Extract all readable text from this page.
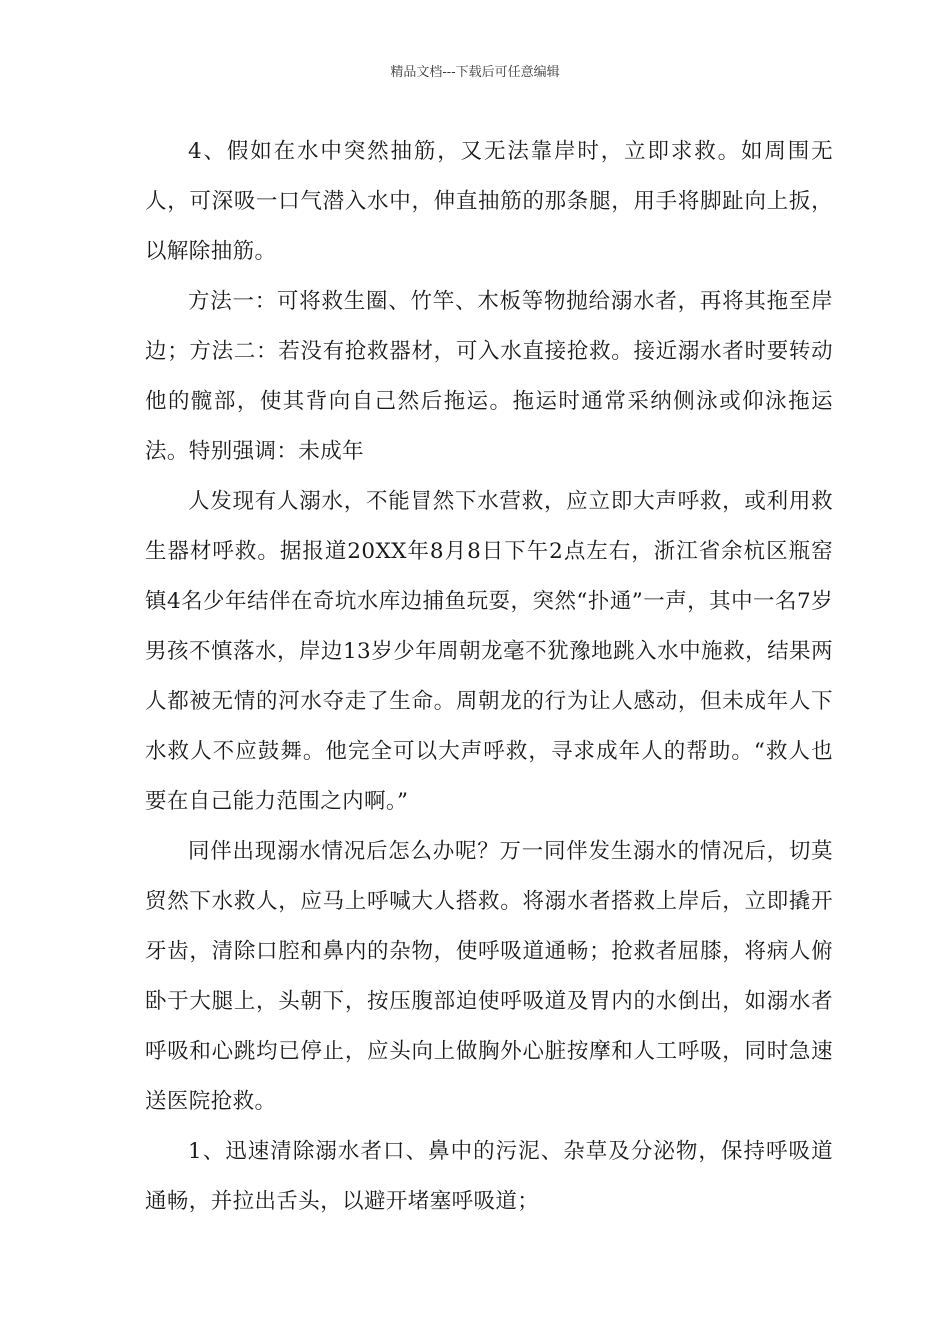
精品文档---下载后可任意编辑

4、假如在水中突然抽筋，又无法靠岸时，立即求救。如周围无人，可深吸一口气潜入水中，伸直抽筋的那条腿，用手将脚趾向上扳，以解除抽筋。

方法一：可将救生圈、竹竿、木板等物抛给溺水者，再将其拖至岸边；方法二：若没有抢救器材，可入水直接抢救。接近溺水者时要转动他的髋部，使其背向自己然后拖运。拖运时通常采纳侧泳或仰泳拖运法。特别强调：未成年

人发现有人溺水，不能冒然下水营救，应立即大声呼救，或利用救生器材呼救。据报道20XX年8月8日下午2点左右，浙江省余杭区瓶窑镇4名少年结伴在奇坑水库边捕鱼玩耍，突然“扑通”一声，其中一名7岁男孩不慎落水，岸边13岁少年周朝龙毫不犹豫地跳入水中施救，结果两人都被无情的河水夺走了生命。周朝龙的行为让人感动，但未成年人下水救人不应鼓舞。他完全可以大声呼救，寻求成年人的帮助。“救人也要在自己能力范围之内啊。”

同伴出现溺水情况后怎么办呢？万一同伴发生溺水的情况后，切莫贸然下水救人，应马上呼喊大人搭救。将溺水者搭救上岸后，立即撬开牙齿，清除口腔和鼻内的杂物，使呼吸道通畅；抢救者屈膝，将病人俯卧于大腿上，头朝下，按压腹部迫使呼吸道及胃内的水倒出，如溺水者呼吸和心跳均已停止，应头向上做胸外心脏按摩和人工呼吸，同时急速送医院抢救。

1、迅速清除溺水者口、鼻中的污泥、杂草及分泌物，保持呼吸道通畅，并拉出舌头，以避开堵塞呼吸道；
